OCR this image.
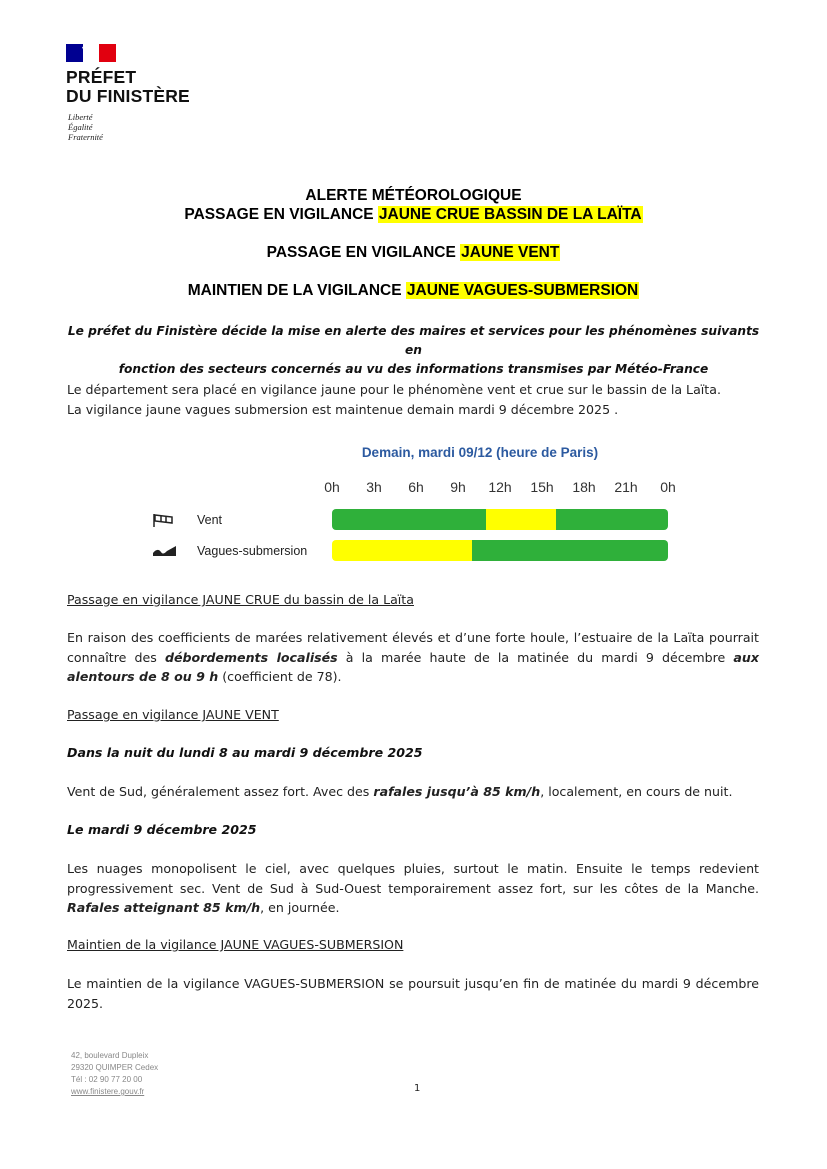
PRÉFET
DU FINISTÈRE
Liberté
Égalité
Fraternité
ALERTE MÉTÉOROLOGIQUE
PASSAGE EN VIGILANCE JAUNE CRUE BASSIN DE LA LAÏTA
PASSAGE EN VIGILANCE JAUNE VENT
MAINTIEN DE LA VIGILANCE JAUNE VAGUES-SUBMERSION
Le préfet du Finistère décide la mise en alerte des maires et services pour les phénomènes suivants en
fonction des secteurs concernés au vu des informations transmises par Météo-France
Le département sera placé en vigilance jaune pour le phénomène vent et crue sur le bassin de la Laïta.
La vigilance jaune vagues submersion est maintenue demain mardi 9 décembre 2025 .
Demain, mardi 09/12 (heure de Paris)
0h 3h 6h 9h 12h 15h 18h 21h 0h
Vent
Vagues-submersion
Passage en vigilance JAUNE CRUE du bassin de la Laïta
En raison des coefficients de marées relativement élevés et d’une forte houle, l’estuaire de la Laïta pourrait connaître des débordements localisés à la marée haute de la matinée du mardi 9 décembre aux alentours de 8 ou 9 h (coefficient de 78).
Passage en vigilance JAUNE VENT
Dans la nuit du lundi 8 au mardi 9 décembre 2025
Vent de Sud, généralement assez fort. Avec des rafales jusqu’à 85 km/h, localement, en cours de nuit.
Le mardi 9 décembre 2025
Les nuages monopolisent le ciel, avec quelques pluies, surtout le matin. Ensuite le temps redevient progressivement sec. Vent de Sud à Sud-Ouest temporairement assez fort, sur les côtes de la Manche. Rafales atteignant 85 km/h, en journée.
Maintien de la vigilance JAUNE VAGUES-SUBMERSION
Le maintien de la vigilance VAGUES-SUBMERSION se poursuit jusqu’en fin de matinée du mardi 9 décembre 2025.
42, boulevard Dupleix
29320 QUIMPER Cedex
Tél : 02 90 77 20 00
www.finistere.gouv.fr	1
